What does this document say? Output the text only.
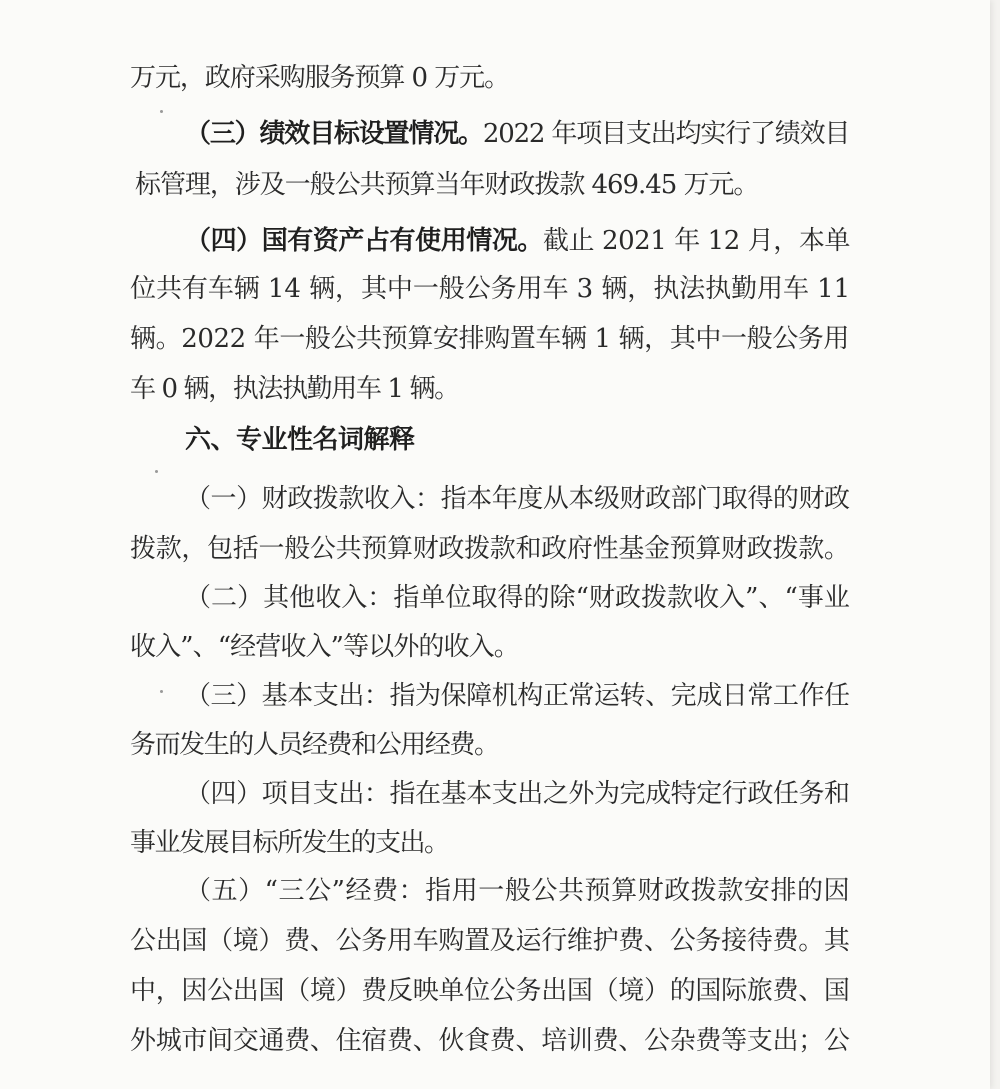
万元，政府采购服务预算 0 万元。
（三）绩效目标设置情况。2022 年项目支出均实行了绩效目
标管理，涉及一般公共预算当年财政拨款 469.45 万元。
（四）国有资产占有使用情况。截止 2021 年 12 月，本单
位共有车辆 14 辆，其中一般公务用车 3 辆，执法执勤用车 11
辆。2022 年一般公共预算安排购置车辆 1 辆，其中一般公务用
车 0 辆，执法执勤用车 1 辆。
六、专业性名词解释
（一）财政拨款收入：指本年度从本级财政部门取得的财政
拨款，包括一般公共预算财政拨款和政府性基金预算财政拨款。
（二）其他收入：指单位取得的除“财政拨款收入”、“事业
收入”、“经营收入”等以外的收入。
（三）基本支出：指为保障机构正常运转、完成日常工作任
务而发生的人员经费和公用经费。
（四）项目支出：指在基本支出之外为完成特定行政任务和
事业发展目标所发生的支出。
（五）“三公”经费：指用一般公共预算财政拨款安排的因
公出国（境）费、公务用车购置及运行维护费、公务接待费。其
中，因公出国（境）费反映单位公务出国（境）的国际旅费、国
外城市间交通费、住宿费、伙食费、培训费、公杂费等支出；公
